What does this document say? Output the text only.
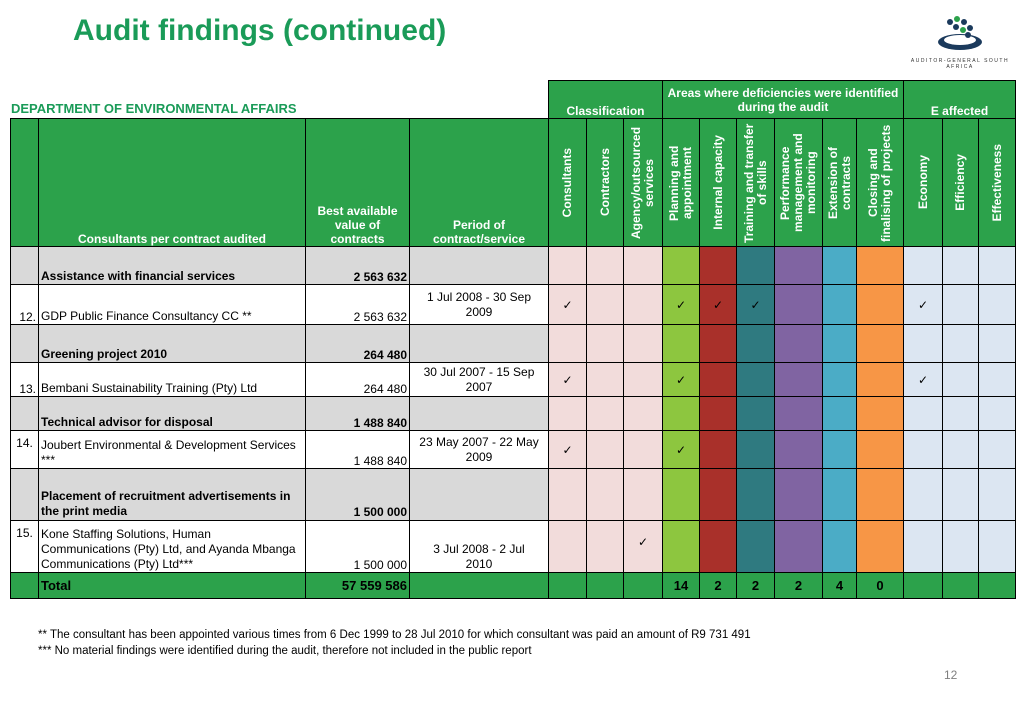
Audit findings (continued)
AUDITOR-GENERAL SOUTH AFRICA
DEPARTMENT OF ENVIRONMENTAL AFFAIRS
				Classification			Areas where deficiencies were identified during the audit						E affected		
	Consultants per contract audited	Best available value of contracts	Period of contract/service	Consultants	Contractors	Agency/outsourced services	Planning and appointment	Internal capacity	Training and transfer of skills	Performance management and monitoring	Extension of contracts	Closing and finalising of projects	Economy	Efficiency	Effectiveness

	Assistance with financial services	2 563 632													
12.	GDP Public Finance Consultancy CC **	2 563 632	1 Jul 2008 - 30 Sep 2009	✓			✓	✓	✓				✓		
	Greening project 2010	264 480													
13.	Bembani Sustainability Training (Pty) Ltd	264 480	30 Jul 2007 - 15 Sep 2007	✓			✓						✓		
	Technical advisor for disposal	1 488 840													
14.	Joubert Environmental & Development Services ***	1 488 840	23 May 2007 - 22 May 2009	✓			✓								
	Placement of recruitment advertisements in the print media	1 500 000													
15.	Kone Staffing Solutions, Human Communications (Pty) Ltd, and Ayanda Mbanga Communications (Pty) Ltd***	1 500 000	3 Jul 2008 - 2 Jul 2010			✓									
	Total	57 559 586					14	2	2	2	4	0			
** The consultant has been appointed various times from 6 Dec 1999 to 28 Jul 2010 for which consultant was paid an amount of R9 731 491
*** No material findings were identified during the audit, therefore not included in the public report
12
